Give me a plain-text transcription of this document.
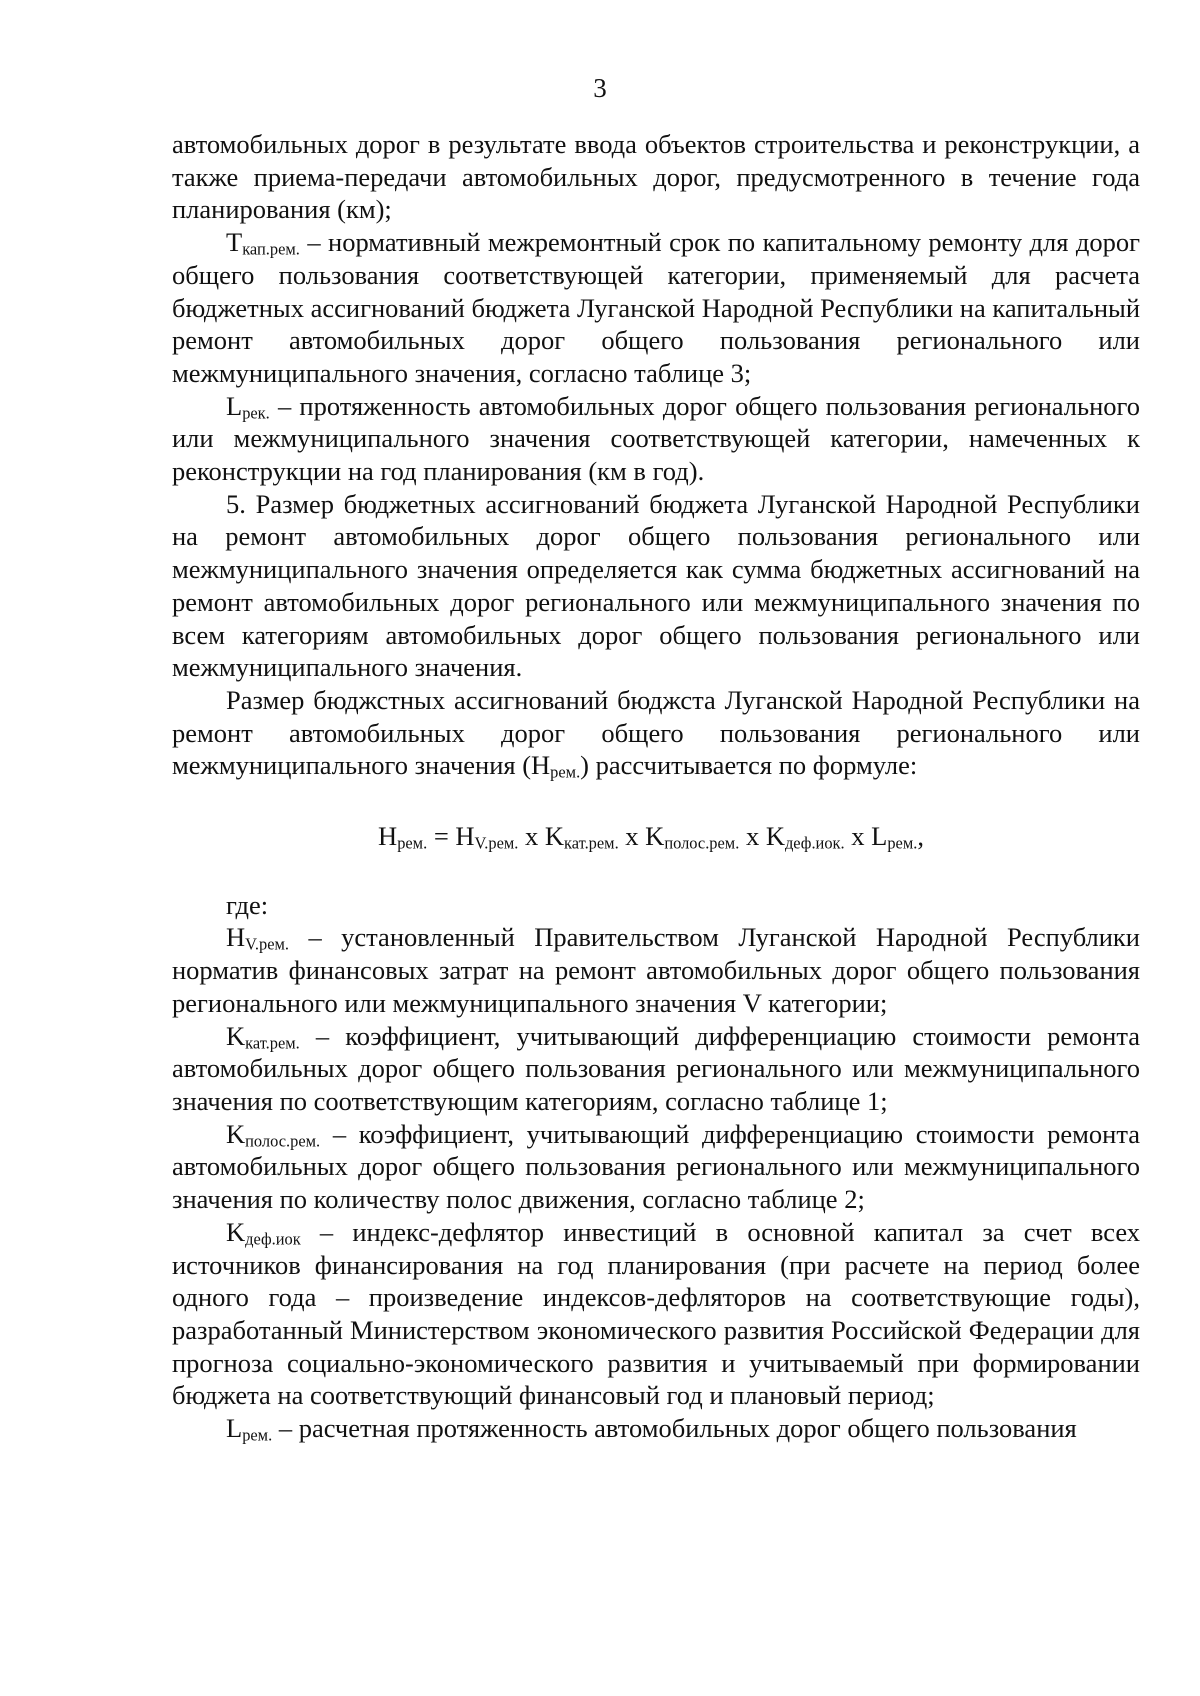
3

автомобильных дорог в результате ввода объектов строительства и реконструкции, а также приема-передачи автомобильных дорог, предусмотренного в течение года планирования (км);

$Т_{кап.рем.}$ – нормативный межремонтный срок по капитальному ремонту для дорог общего пользования соответствующей категории, применяемый для расчета бюджетных ассигнований бюджета Луганской Народной Республики на капитальный ремонт автомобильных дорог общего пользования регионального или межмуниципального значения, согласно таблице 3;

$L_{рек.}$ – протяженность автомобильных дорог общего пользования регионального или межмуниципального значения соответствующей категории, намеченных к реконструкции на год планирования (км в год).

5. Размер бюджетных ассигнований бюджета Луганской Народной Республики на ремонт автомобильных дорог общего пользования регионального или межмуниципального значения определяется как сумма бюджетных ассигнований на ремонт автомобильных дорог регионального или межмуниципального значения по всем категориям автомобильных дорог общего пользования регионального или межмуниципального значения.

Размер бюджстных ассигнований бюджста Луганской Народной Республики на ремонт автомобильных дорог общего пользования регионального или межмуниципального значения $(Н_{рем.})$ рассчитывается по формуле:

$Н_{рем.} = Н_{V.рем.}$ x $K_{кат.рем.}$ x $K_{полос.рем.}$ x $K_{деф.иок.}$ x $L_{рем.}$,

где:

$Н_{V.рем.}$ – установленный Правительством Луганской Народной Республики норматив финансовых затрат на ремонт автомобильных дорог общего пользования регионального или межмуниципального значения V категории;

$K_{кат.рем.}$ – коэффициент, учитывающий дифференциацию стоимости ремонта автомобильных дорог общего пользования регионального или межмуниципального значения по соответствующим категориям, согласно таблице 1;

$K_{полос.рем.}$ – коэффициент, учитывающий дифференциацию стоимости ремонта автомобильных дорог общего пользования регионального или межмуниципального значения по количеству полос движения, согласно таблице 2;

$K_{деф.иок}$ – индекс-дефлятор инвестиций в основной капитал за счет всех источников финансирования на год планирования (при расчете на период более одного года – произведение индексов-дефляторов на соответствующие годы), разработанный Министерством экономического развития Российской Федерации для прогноза социально-экономического развития и учитываемый при формировании бюджета на соответствующий финансовый год и плановый период;

$L_{рем.}$ – расчетная протяженность автомобильных дорог общего пользования
